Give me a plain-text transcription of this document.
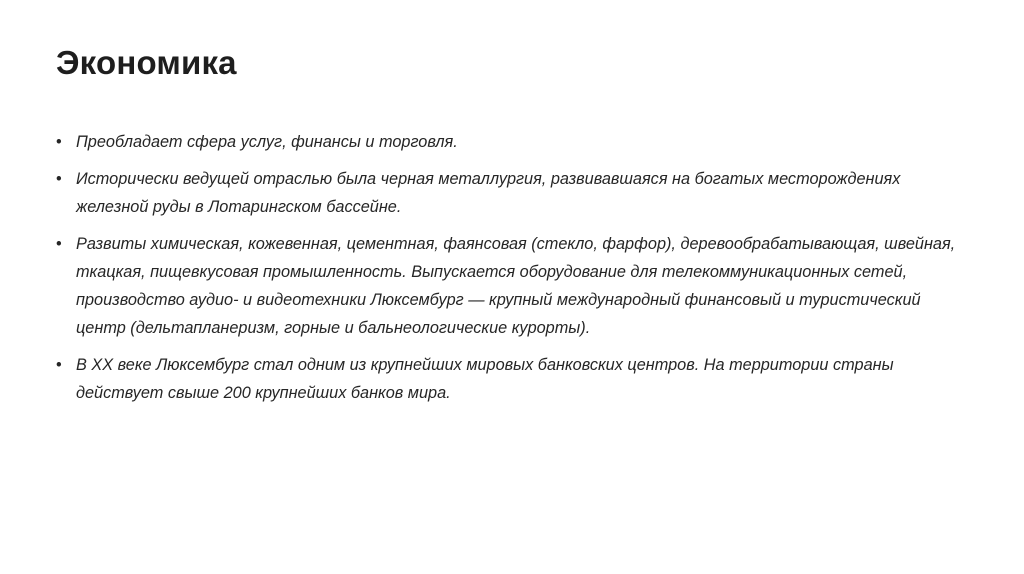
Экономика
• Преобладает сфера услуг, финансы и торговля.
• Исторически ведущей отраслью была черная металлургия, развивавшаяся на богатых месторождениях железной руды в Лотарингском бассейне.
• Развиты химическая, кожевенная, цементная, фаянсовая (стекло, фарфор), деревообрабатывающая, швейная, ткацкая, пищевкусовая промышленность. Выпускается оборудование для телекоммуникационных сетей, производство аудио- и видеотехники Люксембург — крупный международный финансовый и туристический центр (дельтапланеризм, горные и бальнеологические курорты).
• В XX веке Люксембург стал одним из крупнейших мировых банковских центров. На территории страны действует свыше 200 крупнейших банков мира.
